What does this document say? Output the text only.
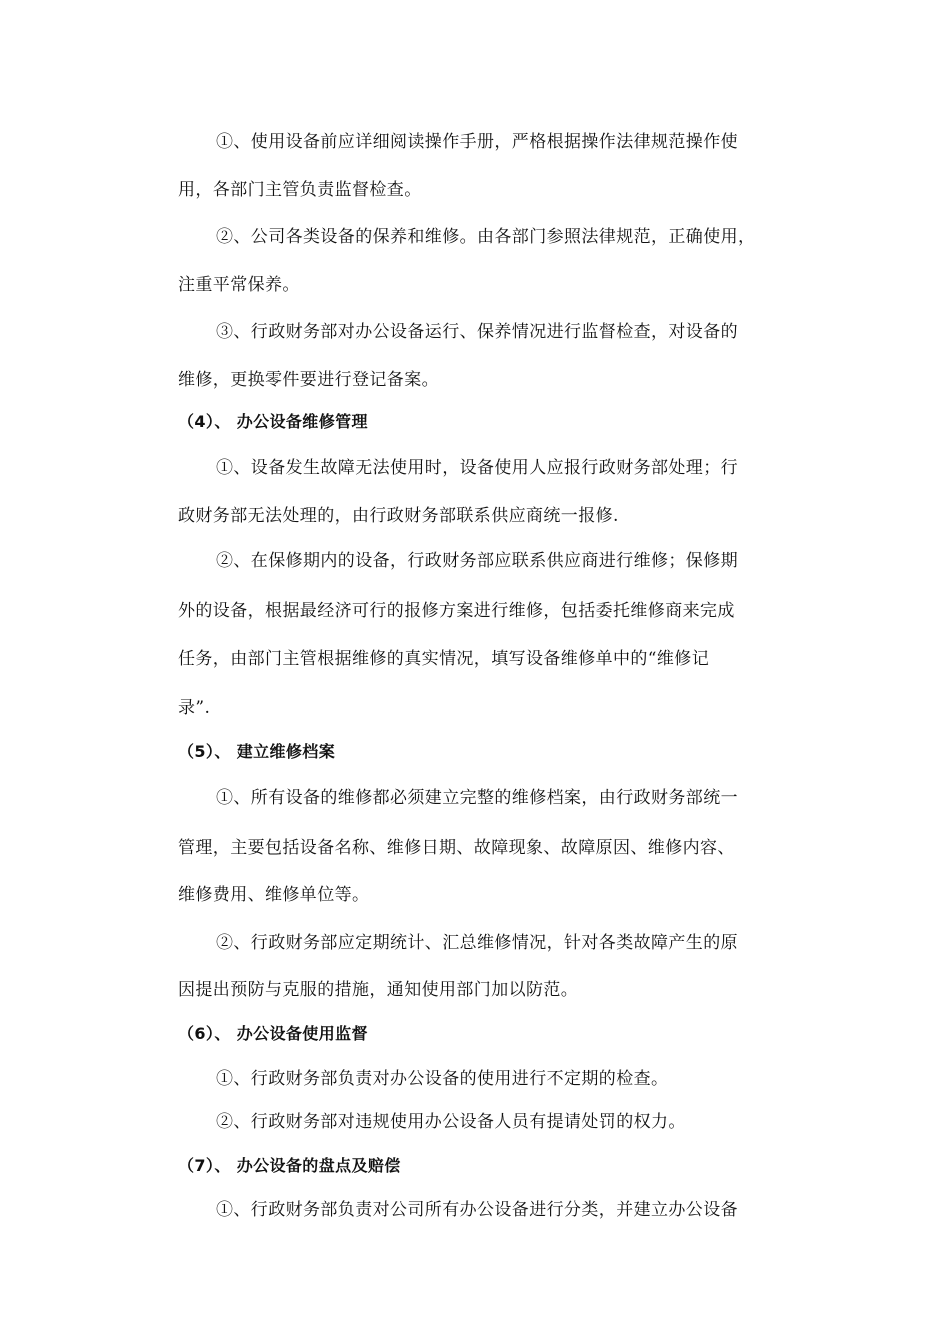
①、使用设备前应详细阅读操作手册，严格根据操作法律规范操作使
用，各部门主管负责监督检查。
②、公司各类设备的保养和维修。由各部门参照法律规范，正确使用，
注重平常保养。
③、行政财务部对办公设备运行、保养情况进行监督检查，对设备的
维修，更换零件要进行登记备案。
（4）、 办公设备维修管理
①、设备发生故障无法使用时，设备使用人应报行政财务部处理；行
政财务部无法处理的，由行政财务部联系供应商统一报修.
②、在保修期内的设备，行政财务部应联系供应商进行维修；保修期
外的设备，根据最经济可行的报修方案进行维修，包括委托维修商来完成
任务，由部门主管根据维修的真实情况，填写设备维修单中的“维修记
录”.
（5）、 建立维修档案
①、所有设备的维修都必须建立完整的维修档案，由行政财务部统一
管理，主要包括设备名称、维修日期、故障现象、故障原因、维修内容、
维修费用、维修单位等。
②、行政财务部应定期统计、汇总维修情况，针对各类故障产生的原
因提出预防与克服的措施，通知使用部门加以防范。
（6）、 办公设备使用监督
①、行政财务部负责对办公设备的使用进行不定期的检查。
②、行政财务部对违规使用办公设备人员有提请处罚的权力。
（7）、 办公设备的盘点及赔偿
①、行政财务部负责对公司所有办公设备进行分类，并建立办公设备
